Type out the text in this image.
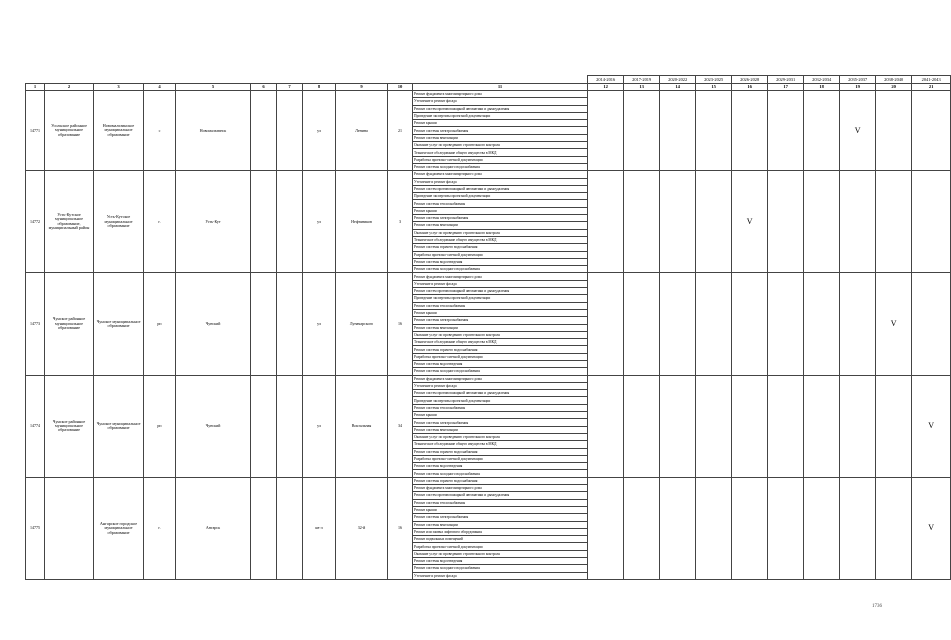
											2014-2016	2017-2019	2020-2022	2023-2025	2026-2028	2029-2031	2032-2034	2035-2037	2038-2040	2041-2043
1	2	3	4	5	6	7	8	9	10	11	12	13	14	15	16	17	18	19	20	21
14771	Усольское районное муниципальное образование	Новомальтинское муниципальное образование	с	Новомальтинск			ул	Ленина	21	Ремонт фундамента многоквартирного дома								V		
										Утепление и ремонт фасада										
										Ремонт систем противопожарной автоматики и дымоудаления										
										Проведение экспертизы проектной документации										
										Ремонт крыши										
										Ремонт системы электроснабжения										
										Ремонт системы вентиляции										
										Оказание услуг по проведению строительного контроля										
										Техническое обследование общего имущества в МКД										
										Разработка проектно-сметной документации										
										Ремонт системы холодного водоснабжения										
14772	Усть-Кутское муниципальное образование, муниципальный район	Усть-Кутское муниципальное образование	г.	Усть-Кут			ул	Нефтяников	3	Ремонт фундамента многоквартирного дома					V					
										Утепление и ремонт фасада										
										Ремонт систем противопожарной автоматики и дымоудаления										
										Проведение экспертизы проектной документации										
										Ремонт системы теплоснабжения										
										Ремонт крыши										
										Ремонт системы электроснабжения										
										Ремонт системы вентиляции										
										Оказание услуг по проведению строительного контроля										
										Техническое обследование общего имущества в МКД										
										Ремонт системы горячего водоснабжения										
										Разработка проектно-сметной документации										
										Ремонт системы водоотведения										
										Ремонт системы холодного водоснабжения										
14773	Чунское районное муниципальное образование	Чунское муниципальное образование	рп	Чунский			ул	Луначарского	16	Ремонт фундамента многоквартирного дома									V	
										Утепление и ремонт фасада										
										Ремонт систем противопожарной автоматики и дымоудаления										
										Проведение экспертизы проектной документации										
										Ремонт системы теплоснабжения										
										Ремонт крыши										
										Ремонт системы электроснабжения										
										Ремонт системы вентиляции										
										Оказание услуг по проведению строительного контроля										
										Техническое обследование общего имущества в МКД										
										Ремонт системы горячего водоснабжения										
										Разработка проектно-сметной документации										
										Ремонт системы водоотведения										
										Ремонт системы холодного водоснабжения										
14774	Чунское районное муниципальное образование	Чунское муниципальное образование	рп	Чунский			ул	Вокзальная	34	Ремонт фундамента многоквартирного дома										V
										Утепление и ремонт фасада										
										Ремонт систем противопожарной автоматики и дымоудаления										
										Проведение экспертизы проектной документации										
										Ремонт системы теплоснабжения										
										Ремонт крыши										
										Ремонт системы электроснабжения										
										Ремонт системы вентиляции										
										Оказание услуг по проведению строительного контроля										
										Техническое обследование общего имущества в МКД										
										Ремонт системы горячего водоснабжения										
										Разработка проектно-сметной документации										
										Ремонт системы водоотведения										
										Ремонт системы холодного водоснабжения										
14775		Ангарское городское муниципальное образование	г.	Ангарск			кв-л	32-й	16	Ремонт системы горячего водоснабжения										V
										Ремонт фундамента многоквартирного дома										
										Ремонт систем противопожарной автоматики и дымоудаления										
										Ремонт системы теплоснабжения										
										Ремонт крыши										
										Ремонт системы электроснабжения										
										Ремонт системы вентиляции										
										Ремонт или замена лифтового оборудования										
										Ремонт подвальных помещений										
										Разработка проектно-сметной документации										
										Оказание услуг по проведению строительного контроля										
										Ремонт системы водоотведения										
										Ремонт системы холодного водоснабжения										
										Утепление и ремонт фасада										
1736
